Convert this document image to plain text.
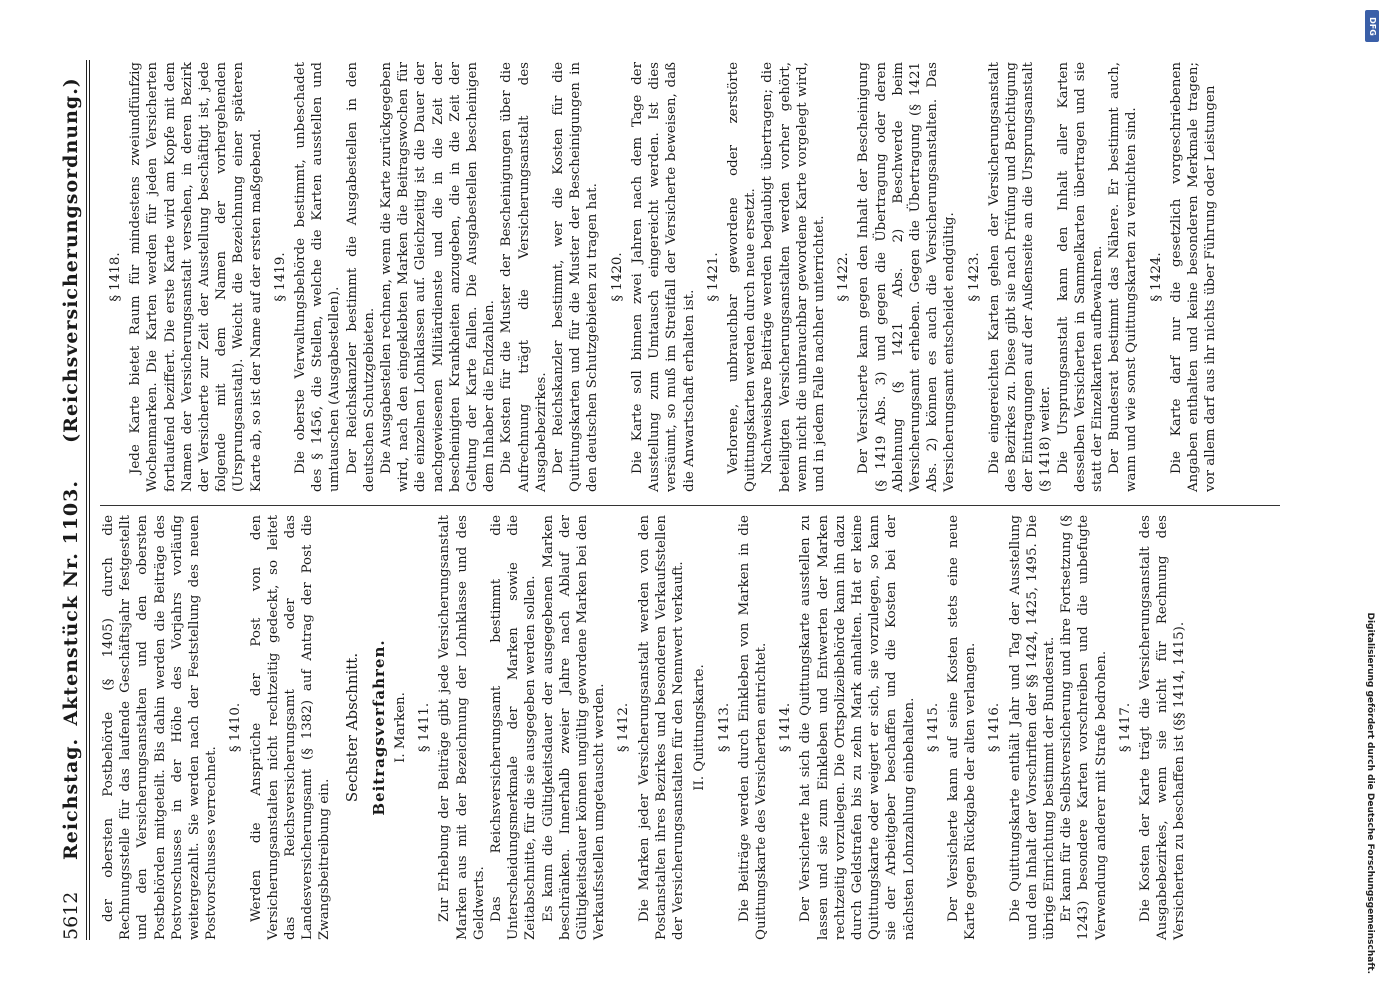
5612
Reichstag.
Aktenstück Nr. 1103.
(Reichsversicherungsordnung.)
der obersten Postbehörde (§ 1405) durch die Rechnungsstelle für das laufende Geschäftsjahr festgestellt und den Versicherungsanstalten und den obersten Postbehörden mitgeteilt. Bis dahin werden die Beiträge des Postvorschusses in der Höhe des Vorjahrs vorläufig weitergezahlt. Sie werden nach der Feststellung des neuen Postvorschusses verrechnet.
§ 1410. Werden die Ansprüche der Post von den Versicherungsanstalten nicht rechtzeitig gedeckt, so leitet das Reichsversicherungsamt oder das Landesversicherungsamt (§ 1382) auf Antrag der Post die Zwangsbeitreibung ein.
Sechster Abschnitt. Beitragsverfahren. I. Marken. § 1411. Zur Erhebung der Beiträge gibt jede Versicherungsanstalt Marken aus mit der Bezeichnung der Lohnklasse und des Geldwerts. Das Reichsversicherungsamt bestimmt die Unterscheidungsmerkmale der Marken sowie die Zeitabschnitte, für die sie ausgegeben werden sollen. Es kann die Gültigkeitsdauer der ausgegebenen Marken beschränken. Innerhalb zweier Jahre nach Ablauf der Gültigkeitsdauer können ungültig gewordene Marken bei den Verkaufsstellen umgetauscht werden. § 1412. Die Marken jeder Versicherungsanstalt werden von den Postanstalten ihres Bezirkes und besonderen Verkaufsstellen der Versicherungsanstalten für den Nennwert verkauft. II. Quittungskarte. § 1413. Die Beiträge werden durch Einkleben von Marken in die Quittungskarte des Versicherten entrichtet. § 1414. Der Versicherte hat sich die Quittungskarte ausstellen zu lassen und sie zum Einkleben und Entwerten der Marken rechtzeitig vorzulegen. Die Ortspolizeibehörde kann ihn dazu durch Geldstrafen bis zu zehn Mark anhalten. Hat er keine Quittungskarte oder weigert er sich, sie vorzulegen, so kann sie der Arbeitgeber beschaffen und die Kosten bei der nächsten Lohnzahlung einbehalten. § 1415. Der Versicherte kann auf seine Kosten stets eine neue Karte gegen Rückgabe der alten verlangen. § 1416. Die Quittungskarte enthält Jahr und Tag der Ausstellung und den Inhalt der Vorschriften der §§ 1424, 1425, 1495. Die übrige Einrichtung bestimmt der Bundesrat. Er kann für die Selbstversicherung und ihre Fortsetzung (§ 1243) besondere Karten vorschreiben und die unbefugte Verwendung anderer mit Strafe bedrohen. § 1417. Die Kosten der Karte trägt die Versicherungsanstalt des Ausgabebezirkes, wenn sie nicht für Rechnung des Versicherten zu beschaffen ist (§§ 1414, 1415).
§ 1418. Jede Karte bietet Raum für mindestens zweiundfünfzig Wochenmarken. Die Karten werden für jeden Versicherten fortlaufend beziffert. Die erste Karte wird am Kopfe mit dem Namen der Versicherungsanstalt versehen, in deren Bezirk der Versicherte zur Zeit der Ausstellung beschäftigt ist, jede folgende mit dem Namen der vorhergehenden (Ursprungsanstalt). Weicht die Bezeichnung einer späteren Karte ab, so ist der Name auf der ersten maßgebend. § 1419. Die oberste Verwaltungsbehörde bestimmt, unbeschadet des § 1456, die Stellen, welche die Karten ausstellen und umtauschen (Ausgabestellen). Der Reichskanzler bestimmt die Ausgabestellen in den deutschen Schutzgebieten. Die Ausgabestellen rechnen, wenn die Karte zurückgegeben wird, nach den eingeklebten Marken die Beitragswochen für die einzelnen Lohnklassen auf. Gleichzeitig ist die Dauer der nachgewiesenen Militärdienste und die in die Zeit der bescheinigten Krankheiten anzugeben, die in die Zeit der Geltung der Karte fallen. Die Ausgabestellen bescheinigen dem Inhaber die Endzahlen. Die Kosten für die Muster der Bescheinigungen über die Aufrechnung trägt die Versicherungsanstalt des Ausgabebezirkes. Der Reichskanzler bestimmt, wer die Kosten für die Quittungskarten und für die Muster der Bescheinigungen in den deutschen Schutzgebieten zu tragen hat. § 1420. Die Karte soll binnen zwei Jahren nach dem Tage der Ausstellung zum Umtausch eingereicht werden. Ist dies versäumt, so muß im Streitfall der Versicherte beweisen, daß die Anwartschaft erhalten ist.
§ 1421. Verlorene, unbrauchbar gewordene oder zerstörte Quittungskarten werden durch neue ersetzt. Nachweisbare Beiträge werden beglaubigt übertragen; die beteiligten Versicherungsanstalten werden vorher gehört, wenn nicht die unbrauchbar gewordene Karte vorgelegt wird, und in jedem Falle nachher unterrichtet. § 1422. Der Versicherte kann gegen den Inhalt der Bescheinigung (§ 1419 Abs. 3) und gegen die Übertragung oder deren Ablehnung (§ 1421 Abs. 2) Beschwerde beim Versicherungsamt erheben. Gegen die Übertragung (§ 1421 Abs. 2) können es auch die Versicherungsanstalten. Das Versicherungsamt entscheidet endgültig. § 1423. Die eingereichten Karten gehen der Versicherungsanstalt des Bezirkes zu. Diese gibt sie nach Prüfung und Berichtigung der Eintragungen auf der Außenseite an die Ursprungsanstalt (§ 1418) weiter. Die Ursprungsanstalt kann den Inhalt aller Karten desselben Versicherten in Sammelkarten übertragen und sie statt der Einzelkarten aufbewahren. Der Bundesrat bestimmt das Nähere. Er bestimmt auch, wann und wie sonst Quittungskarten zu vernichten sind. § 1424. Die Karte darf nur die gesetzlich vorgeschriebenen Angaben enthalten und keine besonderen Merkmale tragen; vor allem darf aus ihr nichts über Führung oder Leistungen
DFG
Digitalisierung gefördert durch die Deutsche Forschungsgemeinschaft.
